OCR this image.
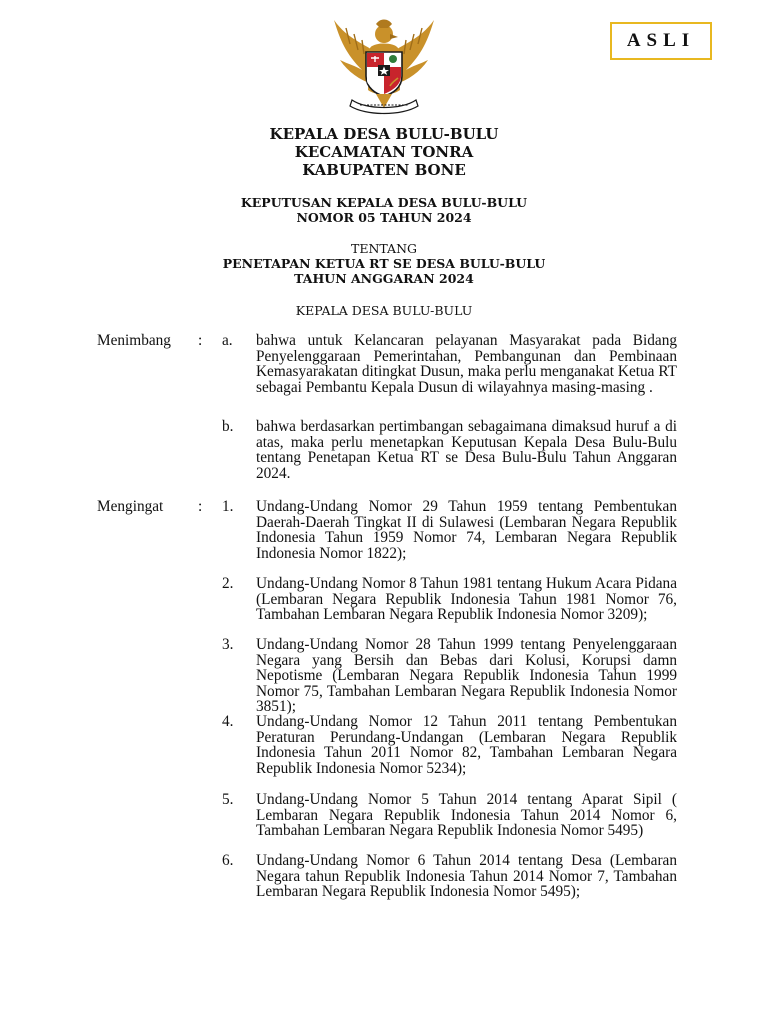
ASLI
KEPALA DESA BULU-BULU
KECAMATAN TONRA
KABUPATEN BONE
KEPUTUSAN KEPALA DESA BULU-BULU
NOMOR 05 TAHUN 2024
TENTANG
PENETAPAN KETUA RT SE DESA BULU-BULU
TAHUN ANGGARAN 2024
KEPALA DESA BULU-BULU
Menimbang	: a. bahwa untuk Kelancaran pelayanan Masyarakat pada Bidang Penyelenggaraan Pemerintahan, Pembangunan dan Pembinaan Kemasyarakatan ditingkat Dusun, maka perlu menganakat Ketua RT sebagai Pembantu Kepala Dusun di wilayahnya masing-masing .
b. bahwa berdasarkan pertimbangan sebagaimana dimaksud huruf a di atas, maka perlu menetapkan Keputusan Kepala Desa Bulu-Bulu tentang Penetapan Ketua RT se Desa Bulu-Bulu Tahun Anggaran 2024.
Mengingat	: 1. Undang-Undang Nomor 29 Tahun 1959 tentang Pembentukan Daerah-Daerah Tingkat II di Sulawesi (Lembaran Negara Republik Indonesia Tahun 1959 Nomor 74, Lembaran Negara Republik Indonesia Nomor 1822);
2. Undang-Undang Nomor 8 Tahun 1981 tentang Hukum Acara Pidana (Lembaran Negara Republik Indonesia Tahun 1981 Nomor 76, Tambahan Lembaran Negara Republik Indonesia Nomor 3209);
3. Undang-Undang Nomor 28 Tahun 1999 tentang Penyelenggaraan Negara yang Bersih dan Bebas dari Kolusi, Korupsi damn Nepotisme (Lembaran Negara Republik Indonesia Tahun 1999 Nomor 75, Tambahan Lembaran Negara Republik Indonesia Nomor 3851);
4. Undang-Undang Nomor 12 Tahun 2011 tentang Pembentukan Peraturan Perundang-Undangan (Lembaran Negara Republik Indonesia Tahun 2011 Nomor 82, Tambahan Lembaran Negara Republik Indonesia Nomor 5234);
5. Undang-Undang Nomor 5 Tahun 2014 tentang Aparat Sipil ( Lembaran Negara Republik Indonesia Tahun 2014 Nomor 6, Tambahan Lembaran Negara Republik Indonesia Nomor 5495)
6. Undang-Undang Nomor 6 Tahun 2014 tentang Desa (Lembaran Negara tahun Republik Indonesia Tahun 2014 Nomor 7, Tambahan Lembaran Negara Republik Indonesia Nomor 5495);
